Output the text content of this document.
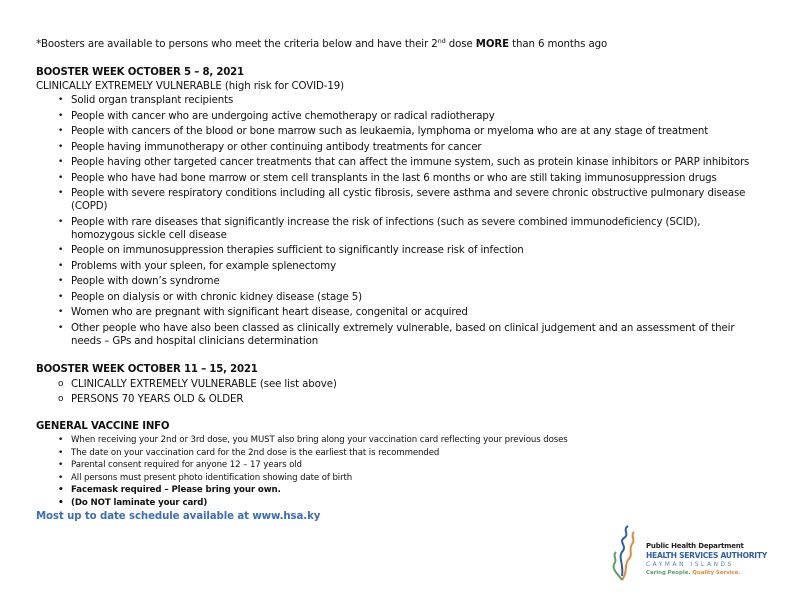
*Boosters are available to persons who meet the criteria below and have their 2nd dose MORE than 6 months ago

BOOSTER WEEK OCTOBER 5 – 8, 2021

CLINICALLY EXTREMELY VULNERABLE (high risk for COVID-19)

• Solid organ transplant recipients
• People with cancer who are undergoing active chemotherapy or radical radiotherapy
• People with cancers of the blood or bone marrow such as leukaemia, lymphoma or myeloma who are at any stage of treatment
• People having immunotherapy or other continuing antibody treatments for cancer
• People having other targeted cancer treatments that can affect the immune system, such as protein kinase inhibitors or PARP inhibitors
• People who have had bone marrow or stem cell transplants in the last 6 months or who are still taking immunosuppression drugs
• People with severe respiratory conditions including all cystic fibrosis, severe asthma and severe chronic obstructive pulmonary disease (COPD)
• People with rare diseases that significantly increase the risk of infections (such as severe combined immunodeficiency (SCID), homozygous sickle cell disease
• People on immunosuppression therapies sufficient to significantly increase risk of infection
• Problems with your spleen, for example splenectomy
• People with down’s syndrome
• People on dialysis or with chronic kidney disease (stage 5)
• Women who are pregnant with significant heart disease, congenital or acquired
• Other people who have also been classed as clinically extremely vulnerable, based on clinical judgement and an assessment of their needs – GPs and hospital clinicians determination

BOOSTER WEEK OCTOBER 11 – 15, 2021

o CLINICALLY EXTREMELY VULNERABLE (see list above)
o PERSONS 70 YEARS OLD & OLDER

GENERAL VACCINE INFO

• When receiving your 2nd or 3rd dose, you MUST also bring along your vaccination card reflecting your previous doses
• The date on your vaccination card for the 2nd dose is the earliest that is recommended
• Parental consent required for anyone 12 – 17 years old
• All persons must present photo identification showing date of birth
• Facemask required – Please bring your own.
• (Do NOT laminate your card)

Most up to date schedule available at www.hsa.ky

Public Health Department
HEALTH SERVICES AUTHORITY
CAYMAN ISLANDS
Caring People. Quality Service.
